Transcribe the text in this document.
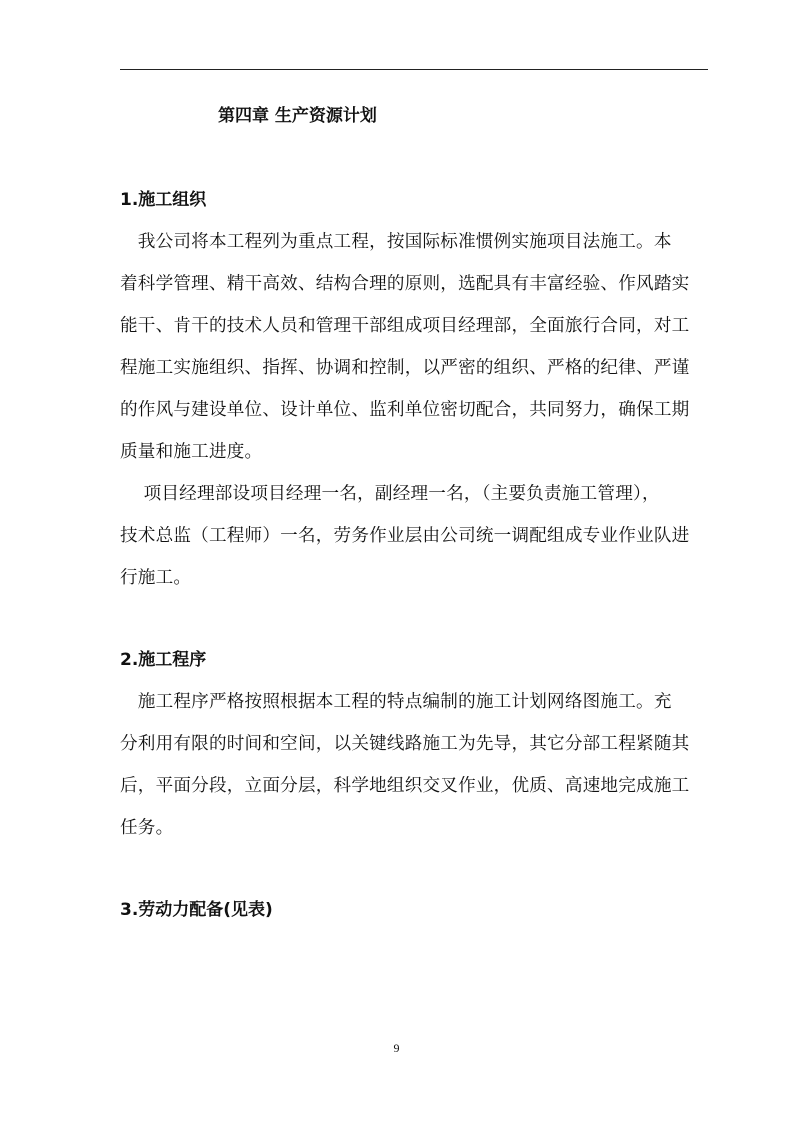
第四章 生产资源计划
1.施工组织
　我公司将本工程列为重点工程，按国际标准惯例实施项目法施工。本
着科学管理、精干高效、结构合理的原则，选配具有丰富经验、作风踏实
能干、肯干的技术人员和管理干部组成项目经理部，全面旅行合同，对工
程施工实施组织、指挥、协调和控制，以严密的组织、严格的纪律、严谨
的作风与建设单位、设计单位、监利单位密切配合，共同努力，确保工期
质量和施工进度。
　 项目经理部设项目经理一名，副经理一名，（主要负责施工管理），
技术总监（工程师）一名，劳务作业层由公司统一调配组成专业作业队进
行施工。
2.施工程序
　施工程序严格按照根据本工程的特点编制的施工计划网络图施工。充
分利用有限的时间和空间，以关键线路施工为先导，其它分部工程紧随其
后，平面分段，立面分层，科学地组织交叉作业，优质、高速地完成施工
任务。
3.劳动力配备(见表)
9
